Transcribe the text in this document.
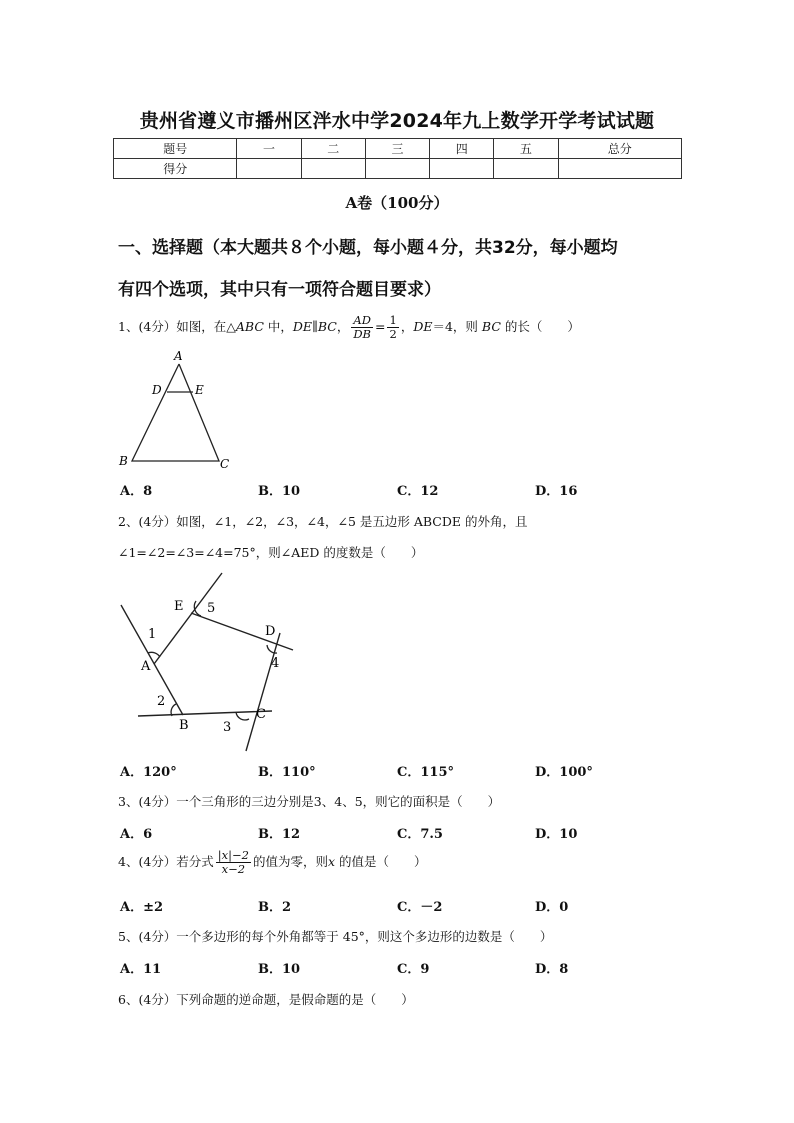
贵州省遵义市播州区泮水中学2024年九上数学开学考试试题
题号	一	二	三	四	五	总分
得分						
A卷（100分）
一、选择题（本大题共８个小题，每小题４分，共32分，每小题均
有四个选项，其中只有一项符合题目要求）
1、(4分）如图，在△ABC 中，DE∥BC， $\frac{AD}{DB} = \frac{1}{2}$ ，DE＝4，则 BC 的长（　　）
A
D	E
B	C
A．8	B．10	C．12	D．16
2、(4分）如图，∠1，∠2，∠3，∠4，∠5 是五边形 ABCDE 的外角，且
∠1=∠2=∠3=∠4=75°，则∠AED 的度数是（　　）
A
B
C
D
E
1
2
3
4
5
A．120°	B．110°	C．115°	D．100°
3、(4分）一个三角形的三边分别是3、4、5，则它的面积是（　　）
A．6	B．12	C．7.5	D．10
4、(4分）若分式 $\frac{|x|-2}{x-2}$ 的值为零，则x 的值是（　　）
A．±2	B．2	C．－2	D．0
5、(4分）一个多边形的每个外角都等于 45°，则这个多边形的边数是（　　）
A．11	B．10	C．9	D．8
6、(4分）下列命题的逆命题，是假命题的是（　　）
